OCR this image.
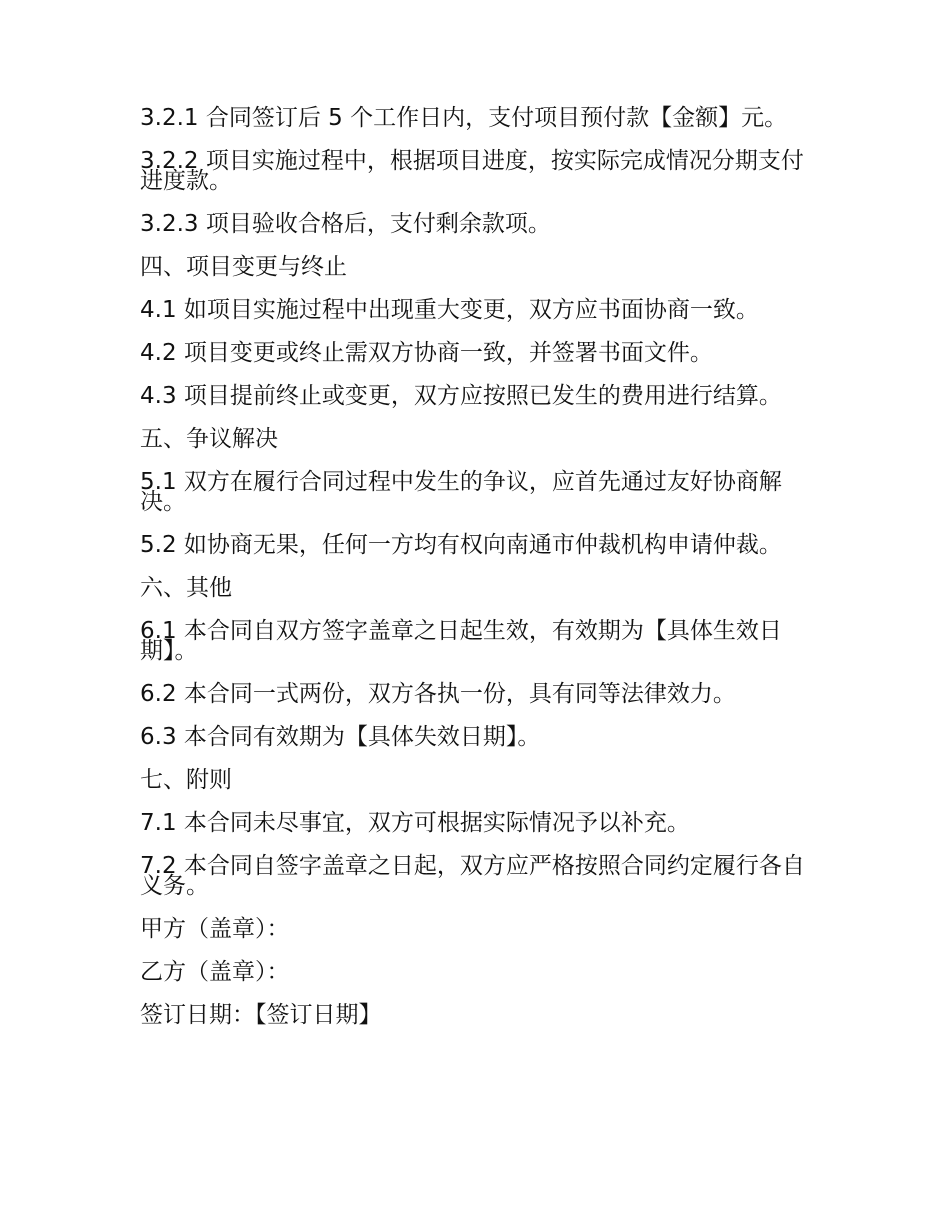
3.2.1 合同签订后 5 个工作日内，支付项目预付款【金额】元。

3.2.2 项目实施过程中，根据项目进度，按实际完成情况分期支付进度款。

3.2.3 项目验收合格后，支付剩余款项。

四、项目变更与终止

4.1 如项目实施过程中出现重大变更，双方应书面协商一致。

4.2 项目变更或终止需双方协商一致，并签署书面文件。

4.3 项目提前终止或变更，双方应按照已发生的费用进行结算。

五、争议解决

5.1 双方在履行合同过程中发生的争议，应首先通过友好协商解决。

5.2 如协商无果，任何一方均有权向南通市仲裁机构申请仲裁。

六、其他

6.1 本合同自双方签字盖章之日起生效，有效期为【具体生效日期】。

6.2 本合同一式两份，双方各执一份，具有同等法律效力。

6.3 本合同有效期为【具体失效日期】。

七、附则

7.1 本合同未尽事宜，双方可根据实际情况予以补充。

7.2 本合同自签字盖章之日起，双方应严格按照合同约定履行各自义务。

甲方（盖章）：

乙方（盖章）：

签订日期：【签订日期】
